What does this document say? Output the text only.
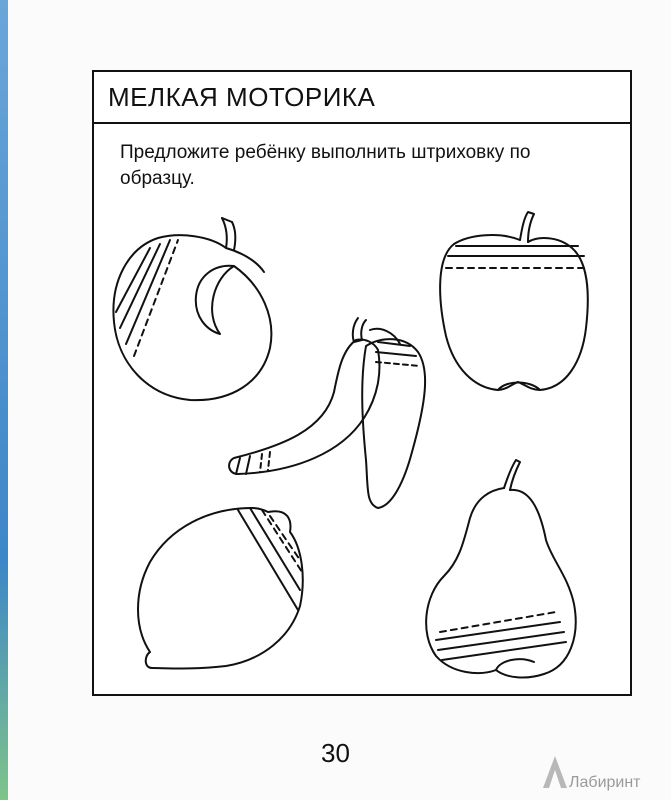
МЕЛКАЯ МОТОРИКА
Предложите ребёнку выполнить штриховку по образцу.
30
Лабиринт
